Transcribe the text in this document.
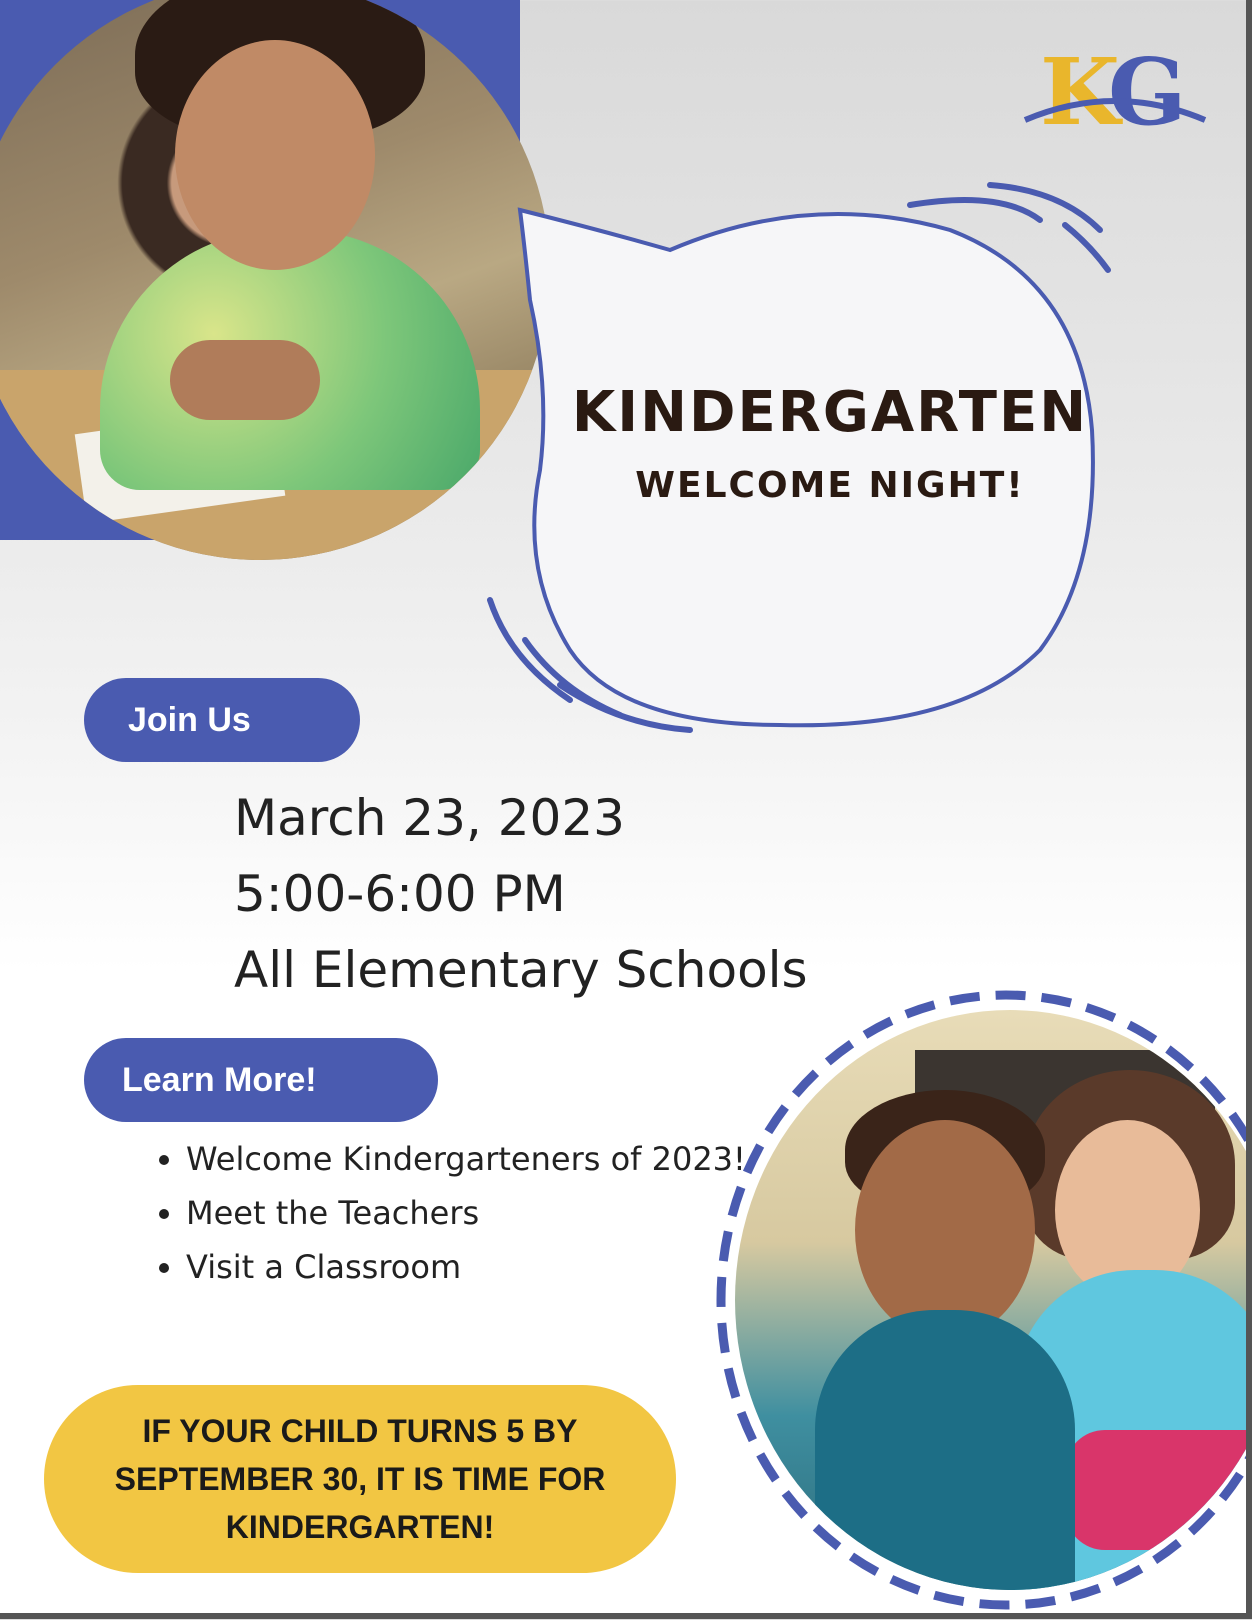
KG
KINDERGARTEN
WELCOME NIGHT!
Join Us
March 23, 2023
5:00-6:00 PM
All Elementary Schools
Learn More!
• Welcome Kindergarteners of 2023!
• Meet the Teachers
• Visit a Classroom
IF YOUR CHILD TURNS 5 BY SEPTEMBER 30, IT IS TIME FOR KINDERGARTEN!
